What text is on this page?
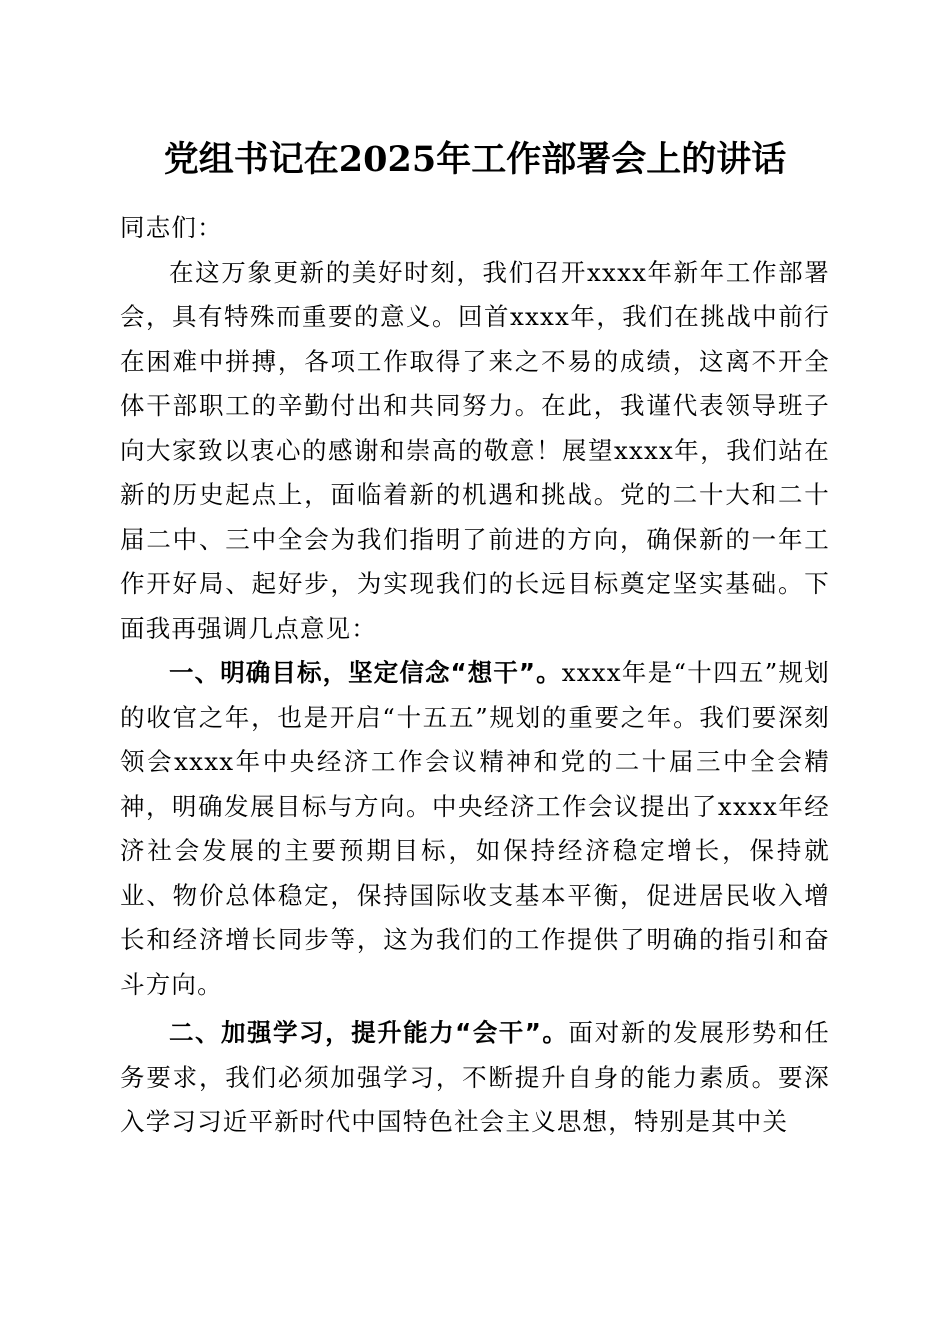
党组书记在2025年工作部署会上的讲话

同志们：

在这万象更新的美好时刻，我们召开xxxx年新年工作部署会，具有特殊而重要的意义。回首xxxx年，我们在挑战中前行在困难中拼搏，各项工作取得了来之不易的成绩，这离不开全体干部职工的辛勤付出和共同努力。在此，我谨代表领导班子向大家致以衷心的感谢和崇高的敬意！展望xxxx年，我们站在新的历史起点上，面临着新的机遇和挑战。党的二十大和二十届二中、三中全会为我们指明了前进的方向，确保新的一年工作开好局、起好步，为实现我们的长远目标奠定坚实基础。下面我再强调几点意见：

一、明确目标，坚定信念“想干”。xxxx年是“十四五”规划的收官之年，也是开启“十五五”规划的重要之年。我们要深刻领会xxxx年中央经济工作会议精神和党的二十届三中全会精神，明确发展目标与方向。中央经济工作会议提出了xxxx年经济社会发展的主要预期目标，如保持经济稳定增长，保持就业、物价总体稳定，保持国际收支基本平衡，促进居民收入增长和经济增长同步等，这为我们的工作提供了明确的指引和奋斗方向。

二、加强学习，提升能力“会干”。面对新的发展形势和任务要求，我们必须加强学习，不断提升自身的能力素质。要深入学习习近平新时代中国特色社会主义思想，特别是其中关
